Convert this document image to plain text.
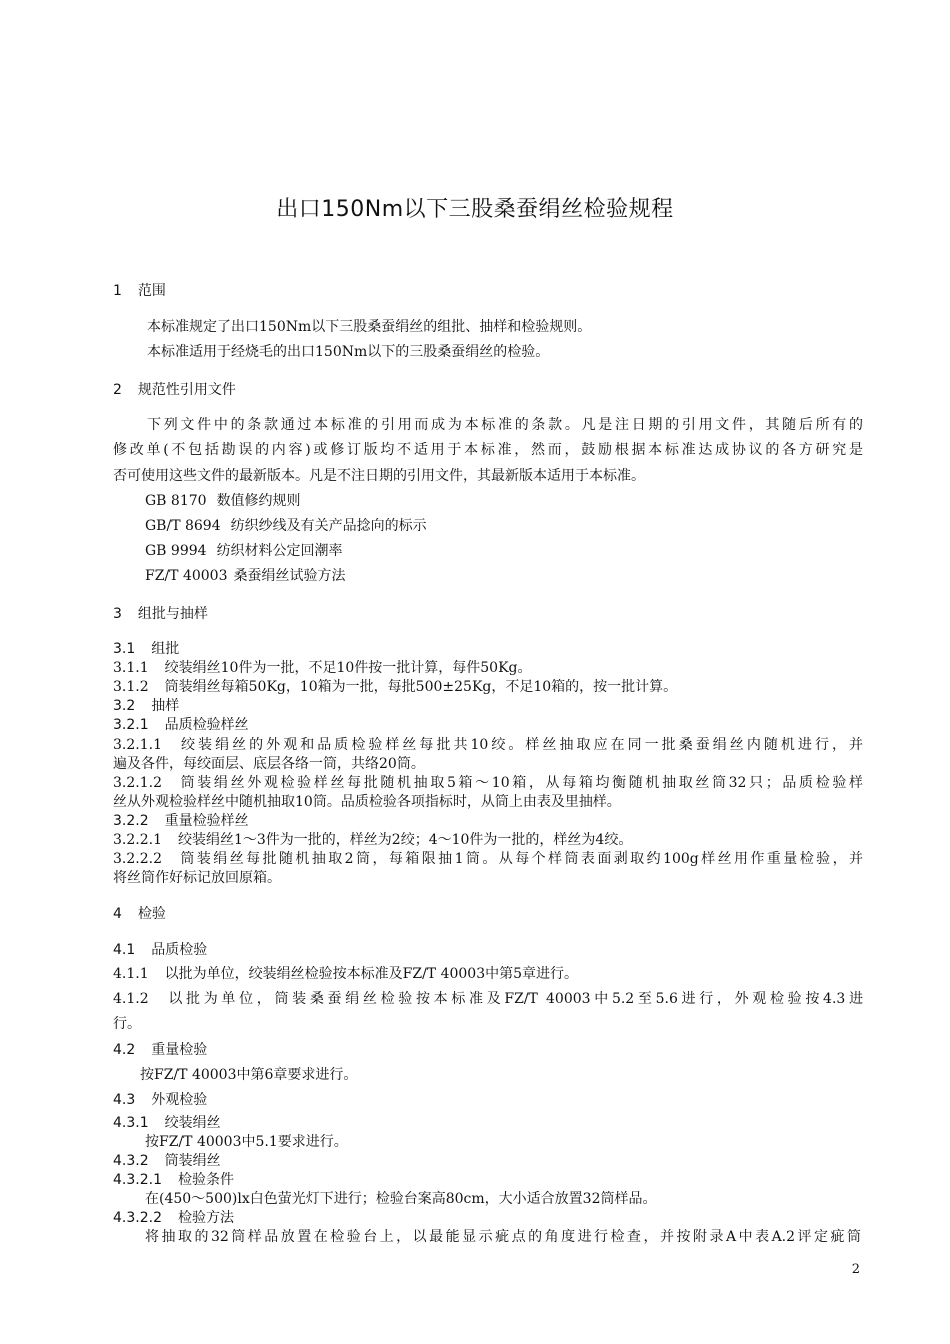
出口150Nm以下三股桑蚕绢丝检验规程
1 范围
本标准规定了出口150Nm以下三股桑蚕绢丝的组批、抽样和检验规则。
本标准适用于经烧毛的出口150Nm以下的三股桑蚕绢丝的检验。
2 规范性引用文件
下列文件中的条款通过本标准的引用而成为本标准的条款。凡是注日期的引用文件，其随后所有的
修改单(不包括勘误的内容)或修订版均不适用于本标准，然而，鼓励根据本标准达成协议的各方研究是
否可使用这些文件的最新版本。凡是不注日期的引用文件，其最新版本适用于本标准。
GB 8170 数值修约规则
GB/T 8694 纺织纱线及有关产品捻向的标示
GB 9994 纺织材料公定回潮率
FZ/T 40003 桑蚕绢丝试验方法
3 组批与抽样
3.1 组批
3.1.1 绞装绢丝10件为一批，不足10件按一批计算，每件50Kg。
3.1.2 筒装绢丝每箱50Kg，10箱为一批，每批500±25Kg，不足10箱的，按一批计算。
3.2 抽样
3.2.1 品质检验样丝
3.2.1.1 绞装绢丝的外观和品质检验样丝每批共10绞。样丝抽取应在同一批桑蚕绢丝内随机进行，并
遍及各件，每绞面层、底层各络一筒，共络20筒。
3.2.1.2 筒装绢丝外观检验样丝每批随机抽取5箱～10箱，从每箱均衡随机抽取丝筒32只；品质检验样
丝从外观检验样丝中随机抽取10筒。品质检验各项指标时，从筒上由表及里抽样。
3.2.2 重量检验样丝
3.2.2.1 绞装绢丝1～3件为一批的，样丝为2绞；4～10件为一批的，样丝为4绞。
3.2.2.2 筒装绢丝每批随机抽取2筒，每箱限抽1筒。从每个样筒表面剥取约100g样丝用作重量检验，并
将丝筒作好标记放回原箱。
4 检验
4.1 品质检验
4.1.1 以批为单位，绞装绢丝检验按本标准及FZ/T 40003中第5章进行。
4.1.2 以批为单位，筒装桑蚕绢丝检验按本标准及FZ/T 40003中5.2至5.6进行，外观检验按4.3进
行。
4.2 重量检验
按FZ/T 40003中第6章要求进行。
4.3 外观检验
4.3.1 绞装绢丝
按FZ/T 40003中5.1要求进行。
4.3.2 筒装绢丝
4.3.2.1 检验条件
在(450～500)lx白色萤光灯下进行；检验台案高80cm，大小适合放置32筒样品。
4.3.2.2 检验方法
将抽取的32筒样品放置在检验台上，以最能显示疵点的角度进行检查，并按附录A中表A.2评定疵筒
2
